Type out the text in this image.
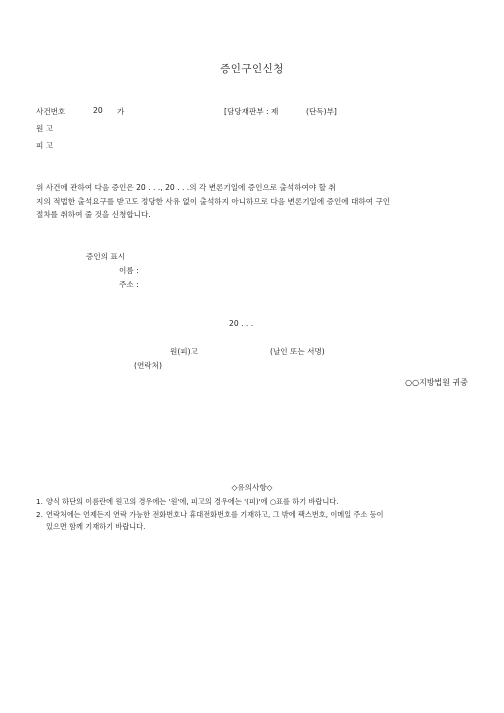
증인구인신청
사건번호	20 가	[담당재판부 : 제	(단독)부]
원 고
피 고
위 사건에 관하여 다음 증인은 20 . . ., 20 . . .의 각 변론기일에 증인으로 출석하여야 할 취
지의 적법한 출석요구를 받고도 정당한 사유 없이 출석하지 아니하므로 다음 변론기일에 증인에 대하여 구인
절차를 취하여 줄 것을 신청합니다.
증인의 표시
이름 :
주소 :
20 . . .
원(피)고	(날인 또는 서명)
(연락처)
○○지방법원 귀중
◇유의사항◇
1. 양식 하단의 이름란에 원고의 경우에는 '원'에, 피고의 경우에는 '(피)'에 ○표를 하기 바랍니다.
2. 연락처에는 언제든지 연락 가능한 전화번호나 휴대전화번호를 기재하고, 그 밖에 팩스번호, 이메일 주소 등이
있으면 함께 기재하기 바랍니다.
